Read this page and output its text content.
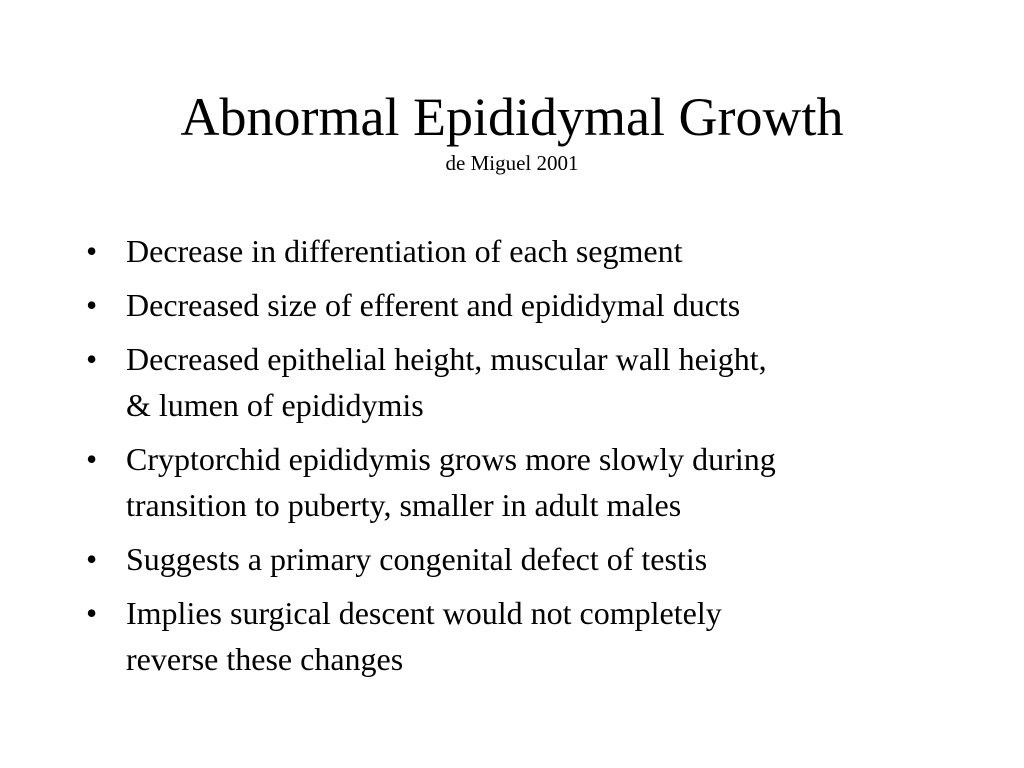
Abnormal Epididymal Growth
de Miguel 2001
• Decrease in differentiation of each segment
• Decreased size of efferent and epididymal ducts
• Decreased epithelial height, muscular wall height,
& lumen of epididymis
• Cryptorchid epididymis grows more slowly during
transition to puberty, smaller in adult males
• Suggests a primary congenital defect of testis
• Implies surgical descent would not completely
reverse these changes
